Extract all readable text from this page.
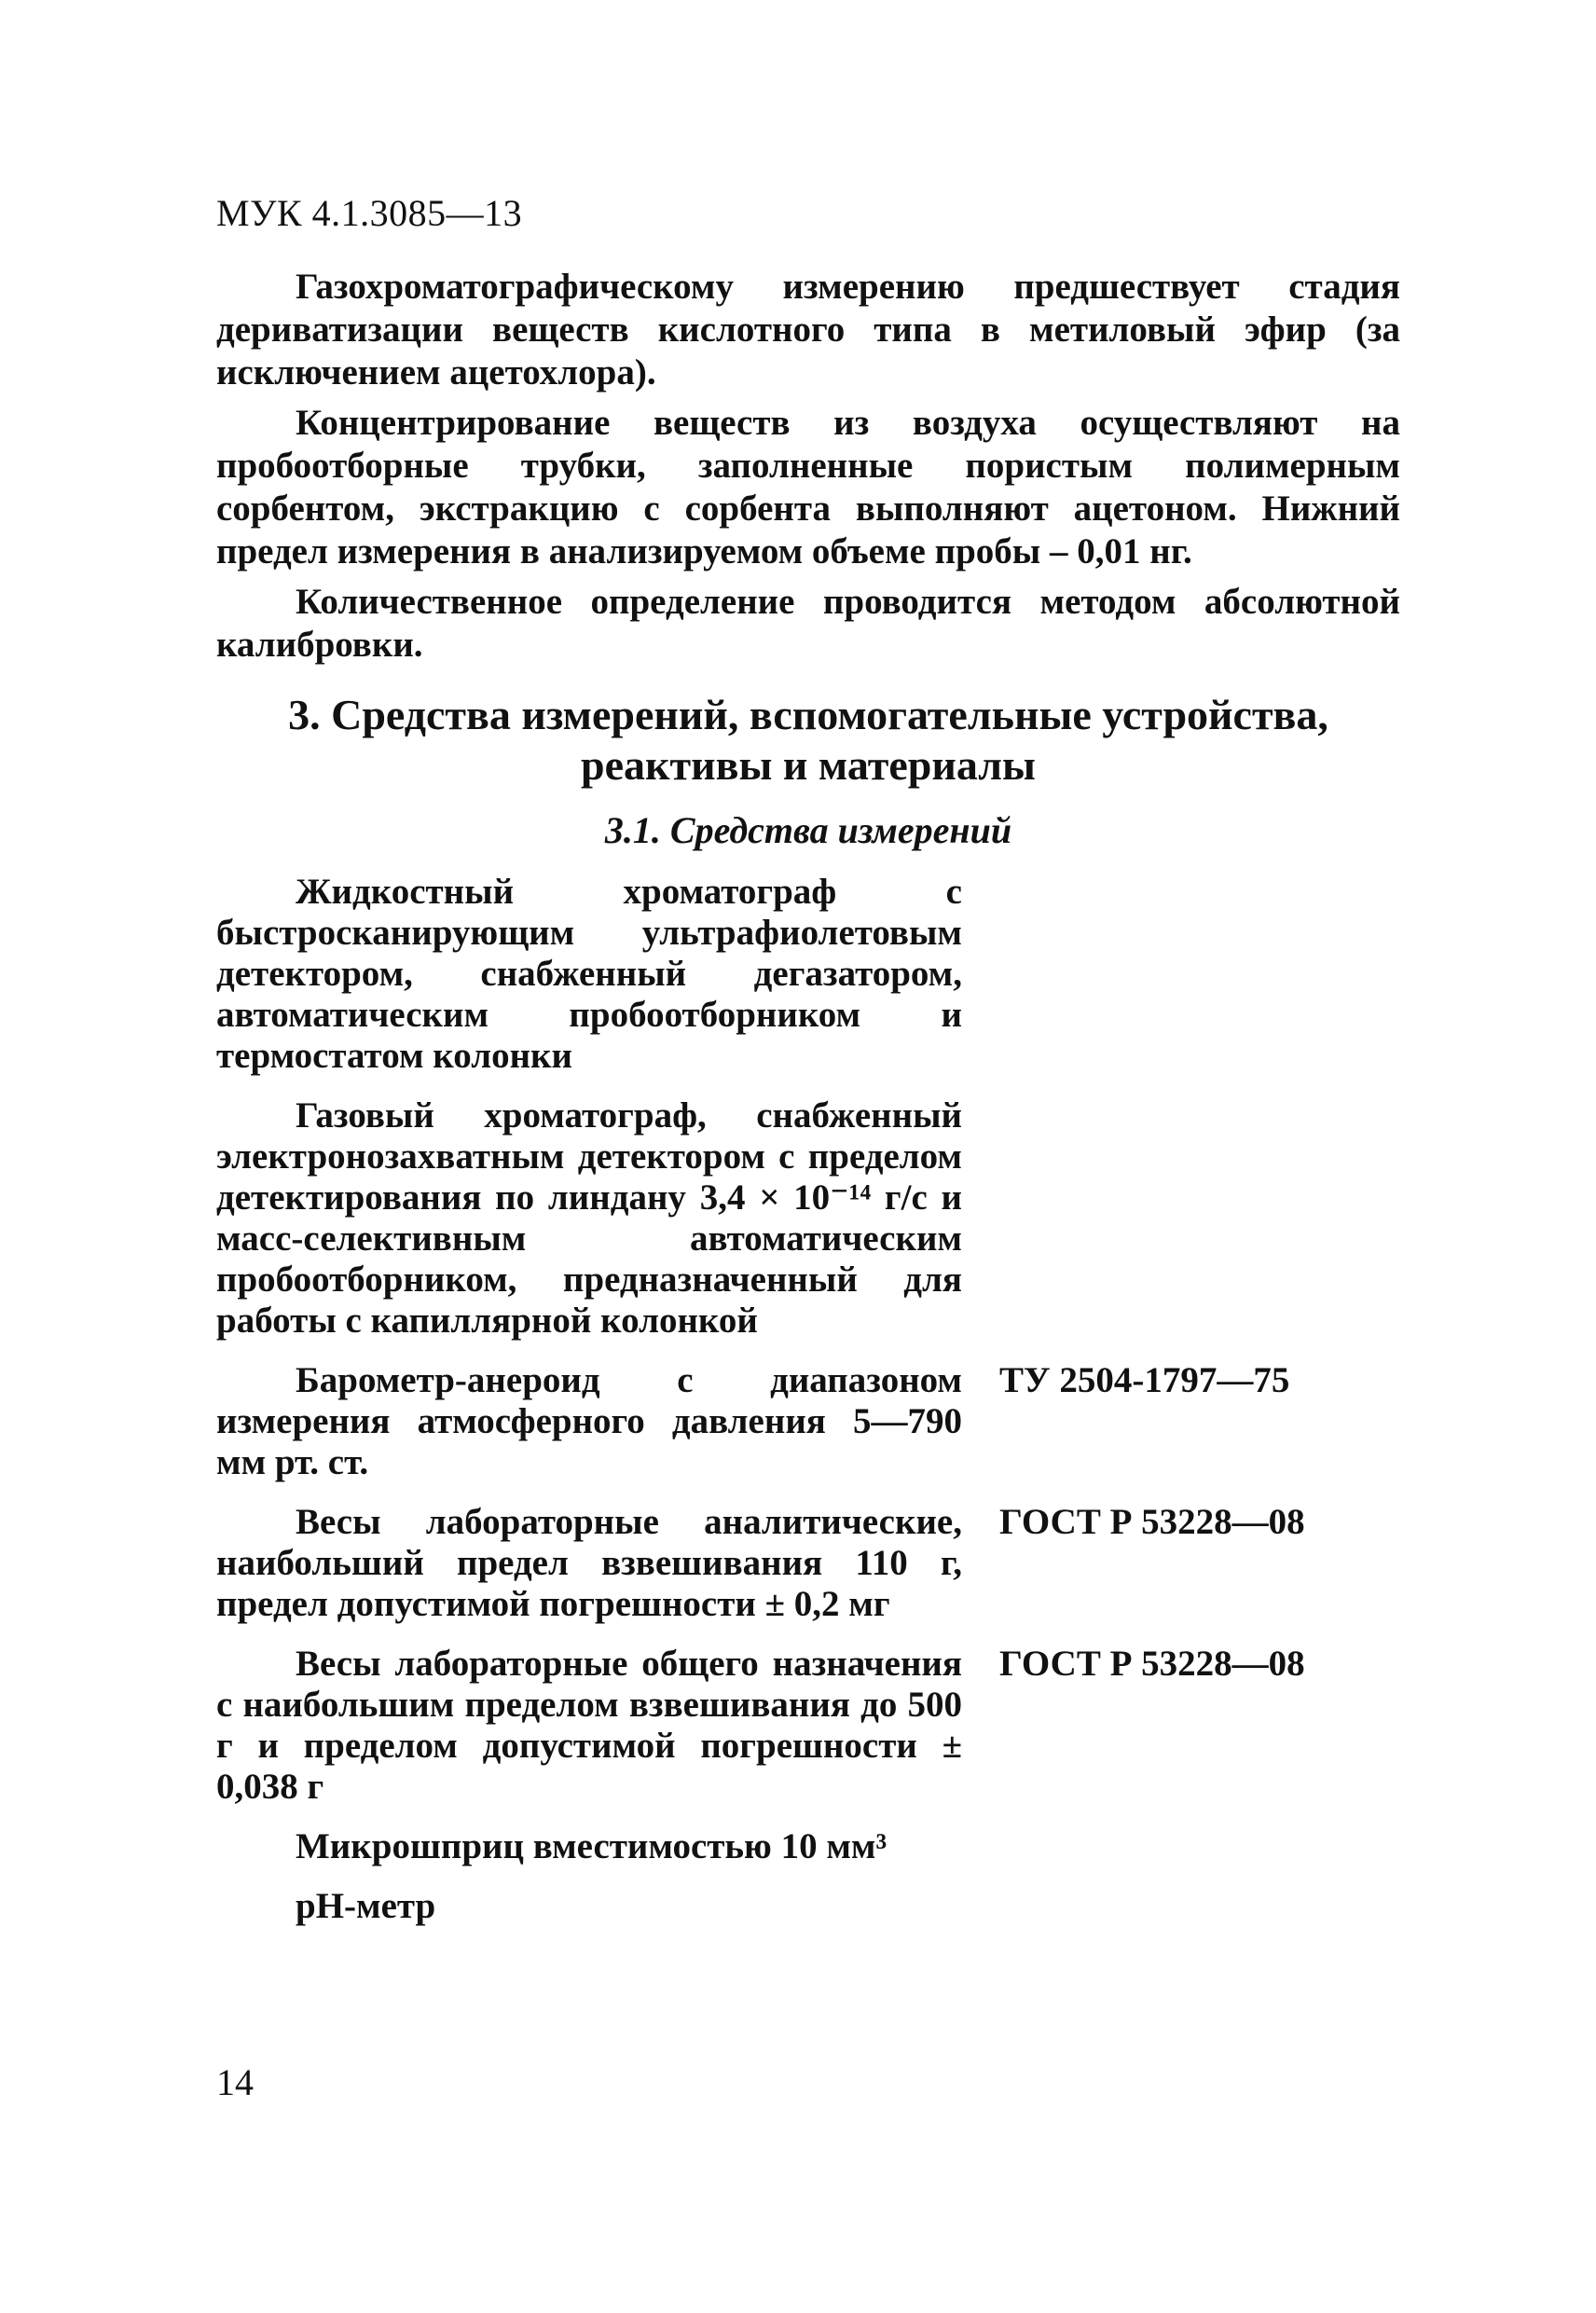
МУК 4.1.3085—13

Газохроматографическому измерению предшествует стадия дериватизации веществ кислотного типа в метиловый эфир (за исключением ацетохлора).

Концентрирование веществ из воздуха осуществляют на пробоотборные трубки, заполненные пористым полимерным сорбентом, экстракцию с сорбента выполняют ацетоном. Нижний предел измерения в анализируемом объеме пробы – 0,01 нг.

Количественное определение проводится методом абсолютной калибровки.

3. Средства измерений, вспомогательные устройства,
реактивы и материалы
3.1. Средства измерений
Жидкостный хроматограф с быстросканирующим ультрафиолетовым детектором, снабженный дегазатором, автоматическим пробоотборником и термостатом колонки
Газовый хроматограф, снабженный электронозахватным детектором с пределом детектирования по линдану 3,4 × 10⁻¹⁴ г/с и масс-селективным автоматическим пробоотборником, предназначенный для работы с капиллярной колонкой
Барометр-анероид с диапазоном измерения атмосферного давления 5—790 мм рт. ст.
ТУ 2504-1797—75
Весы лабораторные аналитические, наибольший предел взвешивания 110 г, предел допустимой погрешности ± 0,2 мг
ГОСТ Р 53228—08
Весы лабораторные общего назначения с наибольшим пределом взвешивания до 500 г и пределом допустимой погрешности ± 0,038 г
ГОСТ Р 53228—08
Микрошприц вместимостью 10 мм³
pH-метр
14
